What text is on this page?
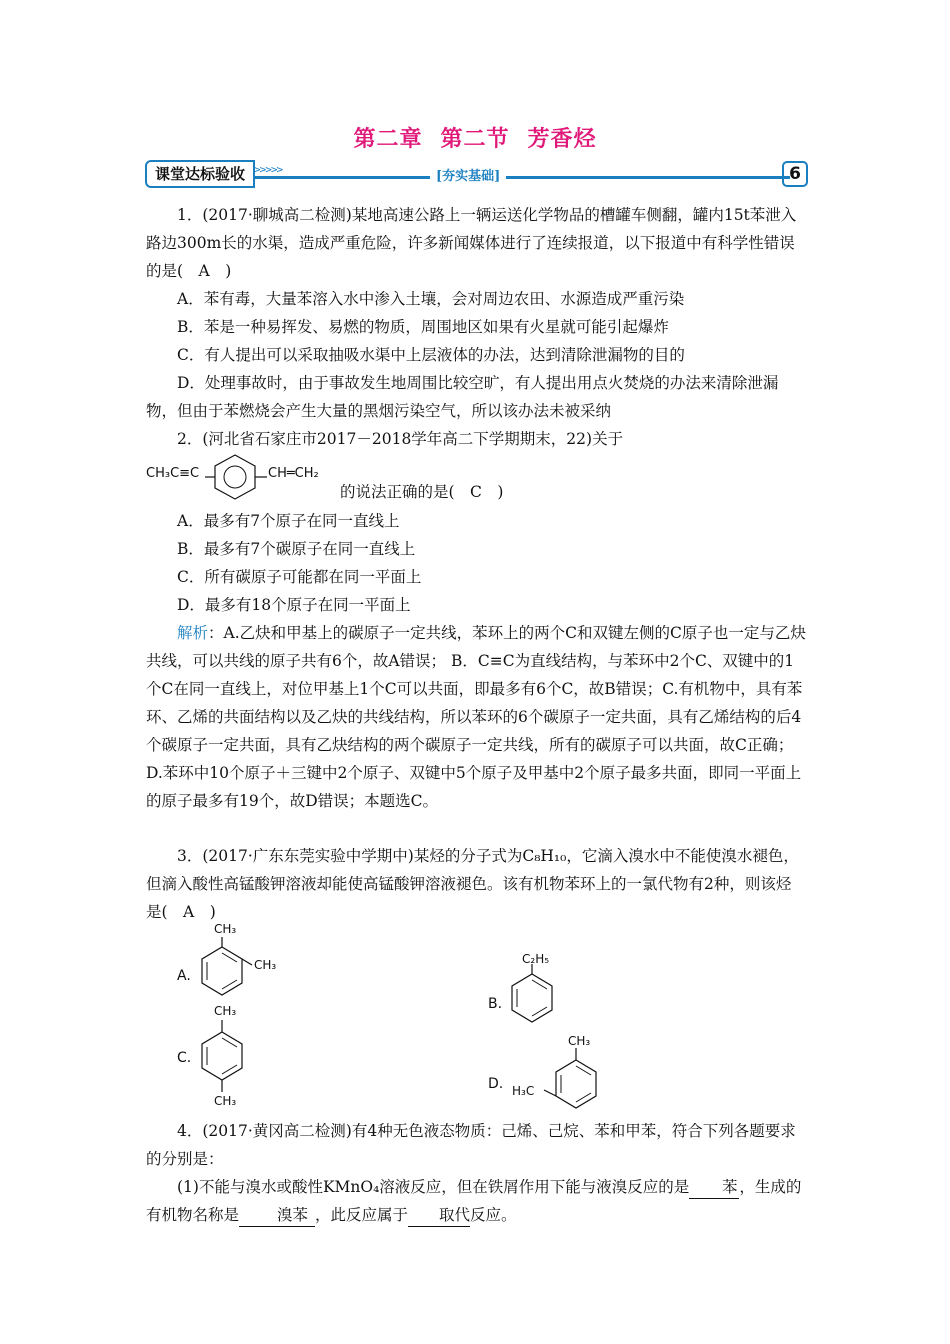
第二章 第二节 芳香烃
课堂达标验收 >>>>>	[夯实基础]	6
1．(2017·聊城高二检测)某地高速公路上一辆运送化学物品的槽罐车侧翻，罐内15t苯泄入路边300m长的水渠，造成严重危险，许多新闻媒体进行了连续报道，以下报道中有科学性错误的是(　A　)
A．苯有毒，大量苯溶入水中渗入土壤，会对周边农田、水源造成严重污染
B．苯是一种易挥发、易燃的物质，周围地区如果有火星就可能引起爆炸
C．有人提出可以采取抽吸水渠中上层液体的办法，达到清除泄漏物的目的
D．处理事故时，由于事故发生地周围比较空旷，有人提出用点火焚烧的办法来清除泄漏物，但由于苯燃烧会产生大量的黑烟污染空气，所以该办法未被采纳
2．(河北省石家庄市2017－2018学年高二下学期期末，22)关于
CH₃C≡C	CH═CH₂
的说法正确的是(　C　)
A．最多有7个原子在同一直线上
B．最多有7个碳原子在同一直线上
C．所有碳原子可能都在同一平面上
D．最多有18个原子在同一平面上
解析：A.乙炔和甲基上的碳原子一定共线，苯环上的两个C和双键左侧的C原子也一定与乙炔共线，可以共线的原子共有6个，故A错误； B．C≡C为直线结构，与苯环中2个C、双键中的1个C在同一直线上，对位甲基上1个C可以共面，即最多有6个C，故B错误；C.有机物中，具有苯环、乙烯的共面结构以及乙炔的共线结构，所以苯环的6个碳原子一定共面，具有乙烯结构的后4个碳原子一定共面，具有乙炔结构的两个碳原子一定共线，所有的碳原子可以共面，故C正确；D.苯环中10个原子＋三键中2个原子、双键中5个原子及甲基中2个原子最多共面，即同一平面上的原子最多有19个，故D错误；本题选C。
3．(2017·广东东莞实验中学期中)某烃的分子式为C₈H₁₀，它滴入溴水中不能使溴水褪色，但滴入酸性高锰酸钾溶液却能使高锰酸钾溶液褪色。该有机物苯环上的一氯代物有2种，则该烃是(　A　)
A.
CH₃
CH₃
B.
C₂H₅
C.
CH₃
CH₃
D.
CH₃
H₃C
4．(2017·黄冈高二检测)有4种无色液态物质：己烯、己烷、苯和甲苯，符合下列各题要求的分别是：
(1)不能与溴水或酸性KMnO₄溶液反应，但在铁屑作用下能与液溴反应的是 苯 ，生成的有机物名称是 溴苯 ，此反应属于 取代反应。
